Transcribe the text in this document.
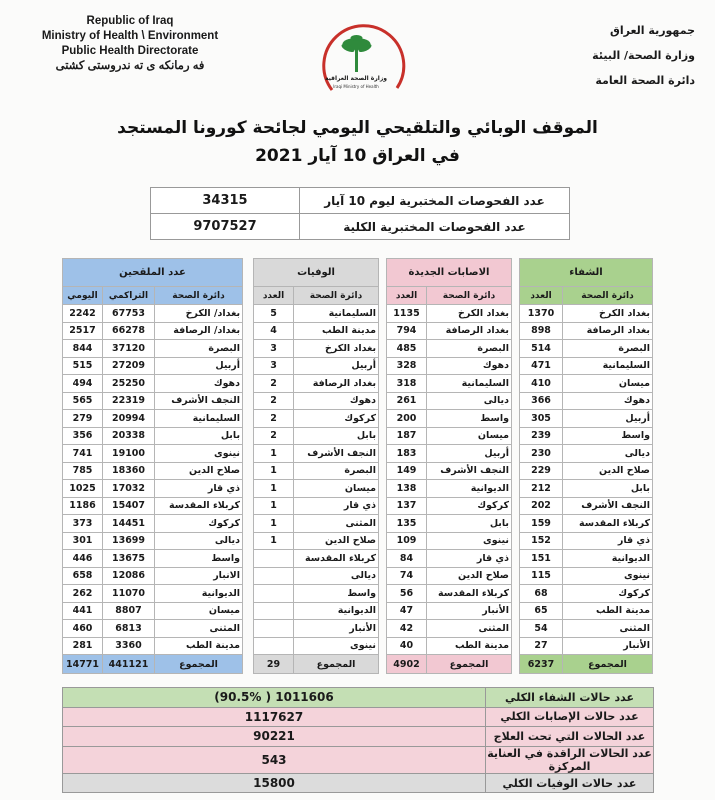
Republic of Iraq
Ministry of Health \ Environment
Public Health Directorate
فه رمانكه ى ته ندروستى كشتى
وزارة الصحة العراقية
Iraqi Ministry of Health
جمهورية العراق
وزارة الصحة/ البيئة
دائرة الصحة العامة
الموقف الوبائي والتلقيحي اليومي لجائحة كورونا المستجد
في العراق 10 آيار 2021
34315	عدد الفحوصات المختبرية ليوم 10 آيار
9707527	عدد الفحوصات المختبرية الكلية
عدد الملقحين		
اليومي	التراكمي	دائرة الصحة
2242	67753	بغداد/ الكرخ
2517	66278	بغداد/ الرصافة
844	37120	البصرة
515	27209	أربيل
494	25250	دهوك
565	22319	النجف الأشرف
279	20994	السليمانية
356	20338	بابل
741	19100	نينوى
785	18360	صلاح الدين
1025	17032	ذي قار
1186	15407	كربلاء المقدسة
373	14451	كركوك
301	13699	ديالى
446	13675	واسط
658	12086	الانبار
262	11070	الديوانية
441	8807	ميسان
460	6813	المثنى
281	3360	مدينة الطب
14771	441121	المجموع
الوفيات	
العدد	دائرة الصحة
5	السليمانية
4	مدينة الطب
3	بغداد الكرخ
3	أربيل
2	بغداد الرصافة
2	دهوك
2	كركوك
2	بابل
1	النجف الأشرف
1	البصرة
1	ميسان
1	ذي قار
1	المثنى
1	صلاح الدين
	كربلاء المقدسة
	ديالى
	واسط
	الديوانية
	الأنبار
	نينوى
29	المجموع
الاصابات الجديدة	
العدد	دائرة الصحة
1135	بغداد الكرخ
794	بغداد الرصافة
485	البصرة
328	دهوك
318	السليمانية
261	ديالى
200	واسط
187	ميسان
183	أربيل
149	النجف الأشرف
138	الديوانية
137	كركوك
135	بابل
109	نينوى
84	ذي قار
74	صلاح الدين
56	كربلاء المقدسة
47	الأنبار
42	المثنى
40	مدينة الطب
4902	المجموع
الشفاء	
العدد	دائرة الصحة
1370	بغداد الكرخ
898	بغداد الرصافة
514	البصرة
471	السليمانية
410	ميسان
366	دهوك
305	أربيل
239	واسط
230	ديالى
229	صلاح الدين
212	بابل
202	النجف الأشرف
159	كربلاء المقدسة
152	ذي قار
151	الديوانية
115	نينوى
68	كركوك
65	مدينة الطب
54	المثنى
27	الأنبار
6237	المجموع
(90.5% ) 1011606	عدد حالات الشفاء الكلي
1117627	عدد حالات الإصابات الكلي
90221	عدد الحالات التي تحت العلاج
543	عدد الحالات الراقدة في العناية المركزة
15800	عدد حالات الوفيات الكلي
